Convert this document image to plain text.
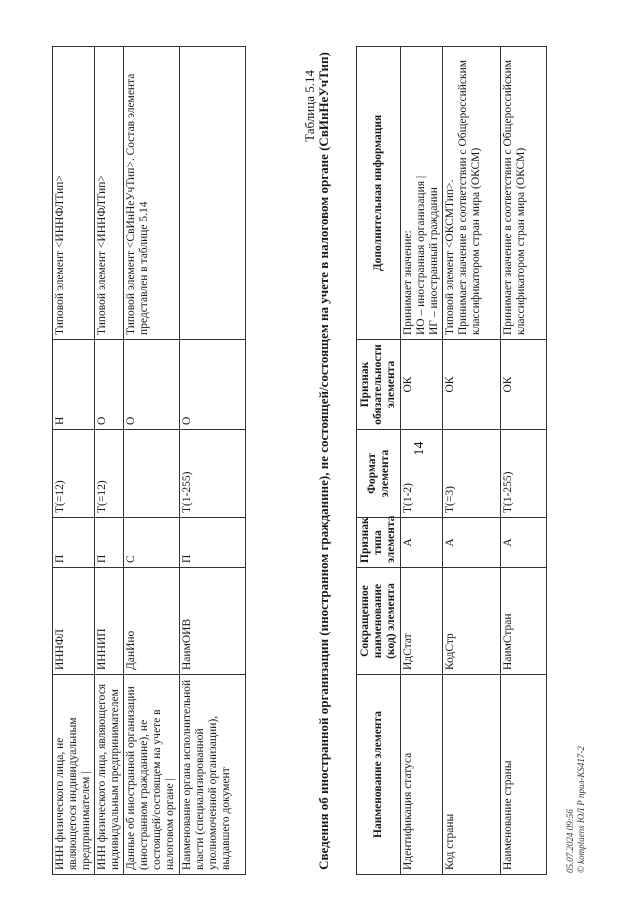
ИНН физического лица, не являющегося индивидуальным предпринимателем |	ИННФЛ	П	Т(=12)	Н	Типовой элемент <ИННФЛТип>
ИНН физического лица, являющегося индивидуальным предпринимателем	ИННИП	П	Т(=12)	О	Типовой элемент <ИННФЛТип>
Данные об иностранной организации (иностранном гражданине), не состоящей/состоящем на учете в налоговом органе |	ДанИно	С		О	Типовой элемент <СвИнНеУчТип>. Состав элемента представлен в таблице 5.14
Наименование органа исполнительной власти (специализированной уполномоченной организации), выдавшего документ	НаимОИВ	П	Т(1-255)	О	
Таблица 5.14 Сведения об иностранной организации (иностранном гражданине), не состоящей/состоящем на учете в налоговом органе (СвИнНеУчТип)	Наименование элемента	Сокращенное наименование (код) элемента	Признак типа элемента	Формат элемента	Признак обязательности элемента	Дополнительная информация
Идентификация статуса	ИдСтат	А	Т(1-2)	ОК	Принимает значение: ИО – иностранная организация | ИГ – иностранный гражданин

Код страны	КодСтр	А	Т(=3)	ОК	Типовой элемент <ОКСМТип>. Принимает значение в соответствии с Общероссийским классификатором стран мира (ОКСМ)

Наименование страны	НаимСтран	А	Т(1-255)	ОК	Принимает значение в соответствии с Общероссийским классификатором стран мира (ОКСМ)
14
05.07.2024 09:56 © komplaens ЮЛ Р прил-KS417-2
